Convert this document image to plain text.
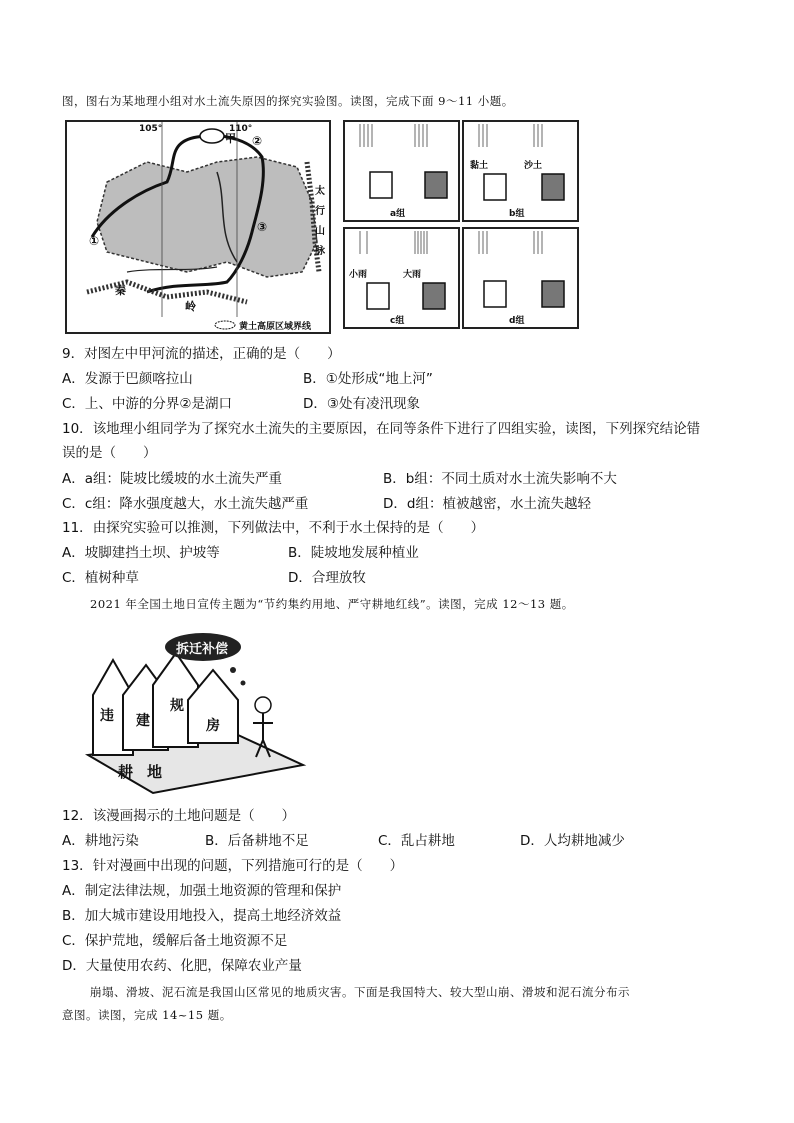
图，图右为某地理小组对水土流失原因的探究实验图。读图，完成下面 9～11 小题。
105°	110°
甲 ②
①
③
太
行
山
脉
秦
岭
黄土高原区域界线
a组
黏土	沙土
b组
小雨	大雨
c组	d组
9．对图左中甲河流的描述，正确的是（　　）
A．发源于巴颜喀拉山	B．①处形成“地上河”
C．上、中游的分界②是湖口	D．③处有凌汛现象
10．该地理小组同学为了探究水土流失的主要原因，在同等条件下进行了四组实验，读图，下列探究结论错
误的是（　　）
A．a组：陡坡比缓坡的水土流失严重	B．b组：不同土质对水土流失影响不大
C．c组：降水强度越大，水土流失越严重	D．d组：植被越密，水土流失越轻
11．由探究实验可以推测，下列做法中，不利于水土保持的是（　　）
A．坡脚建挡土坝、护坡等	B．陡坡地发展种植业
C．植树种草	D．合理放牧
2021 年全国土地日宣传主题为“节约集约用地、严守耕地红线”。读图，完成 12～13 题。
拆迁补偿
违 建
规
房
耕地
12．该漫画揭示的土地问题是（　　）
A．耕地污染	B．后备耕地不足	C．乱占耕地	D．人均耕地减少
13．针对漫画中出现的问题，下列措施可行的是（　　）
A．制定法律法规，加强土地资源的管理和保护
B．加大城市建设用地投入，提高土地经济效益
C．保护荒地，缓解后备土地资源不足
D．大量使用农药、化肥，保障农业产量
崩塌、滑坡、泥石流是我国山区常见的地质灾害。下面是我国特大、较大型山崩、滑坡和泥石流分布示
意图。读图，完成 14~15 题。
